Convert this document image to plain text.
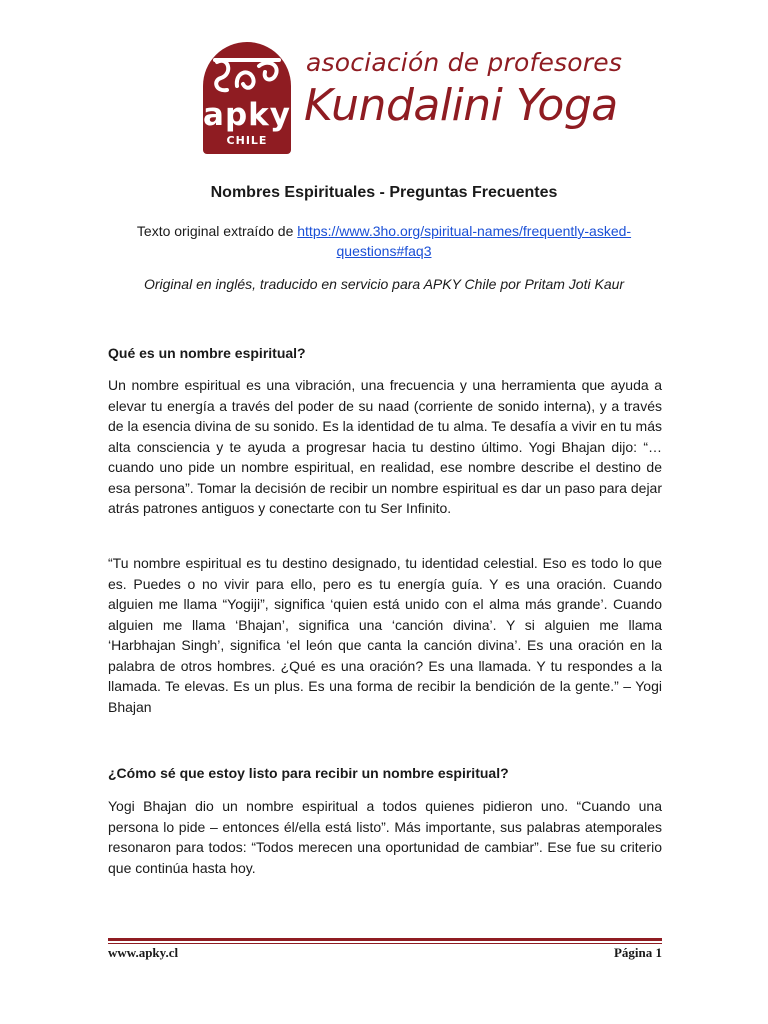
apky
CHILE
asociación de profesores
Kundalini Yoga
Nombres Espirituales - Preguntas Frecuentes
Texto original extraído de https://www.3ho.org/spiritual-names/frequently-asked-questions#faq3
Original en inglés, traducido en servicio para APKY Chile por Pritam Joti Kaur
Qué es un nombre espiritual?

Un nombre espiritual es una vibración, una frecuencia y una herramienta que ayuda a elevar tu energía a través del poder de su naad (corriente de sonido interna), y a través de la esencia divina de su sonido. Es la identidad de tu alma. Te desafía a vivir en tu más alta consciencia y te ayuda a progresar hacia tu destino último. Yogi Bhajan dijo: “…cuando uno pide un nombre espiritual, en realidad, ese nombre describe el destino de esa persona”. Tomar la decisión de recibir un nombre espiritual es dar un paso para dejar atrás patrones antiguos y conectarte con tu Ser Infinito.

“Tu nombre espiritual es tu destino designado, tu identidad celestial. Eso es todo lo que es. Puedes o no vivir para ello, pero es tu energía guía. Y es una oración. Cuando alguien me llama “Yogiji”, significa ‘quien está unido con el alma más grande’. Cuando alguien me llama ‘Bhajan’, significa una ‘canción divina’. Y si alguien me llama ‘Harbhajan Singh’, significa ‘el león que canta la canción divina’. Es una oración en la palabra de otros hombres. ¿Qué es una oración? Es una llamada. Y tu respondes a la llamada. Te elevas. Es un plus. Es una forma de recibir la bendición de la gente.” – Yogi Bhajan

¿Cómo sé que estoy listo para recibir un nombre espiritual?

Yogi Bhajan dio un nombre espiritual a todos quienes pidieron uno. “Cuando una persona lo pide – entonces él/ella está listo”. Más importante, sus palabras atemporales resonaron para todos: “Todos merecen una oportunidad de cambiar”. Ese fue su criterio que continúa hasta hoy.

www.apky.cl	Página 1
